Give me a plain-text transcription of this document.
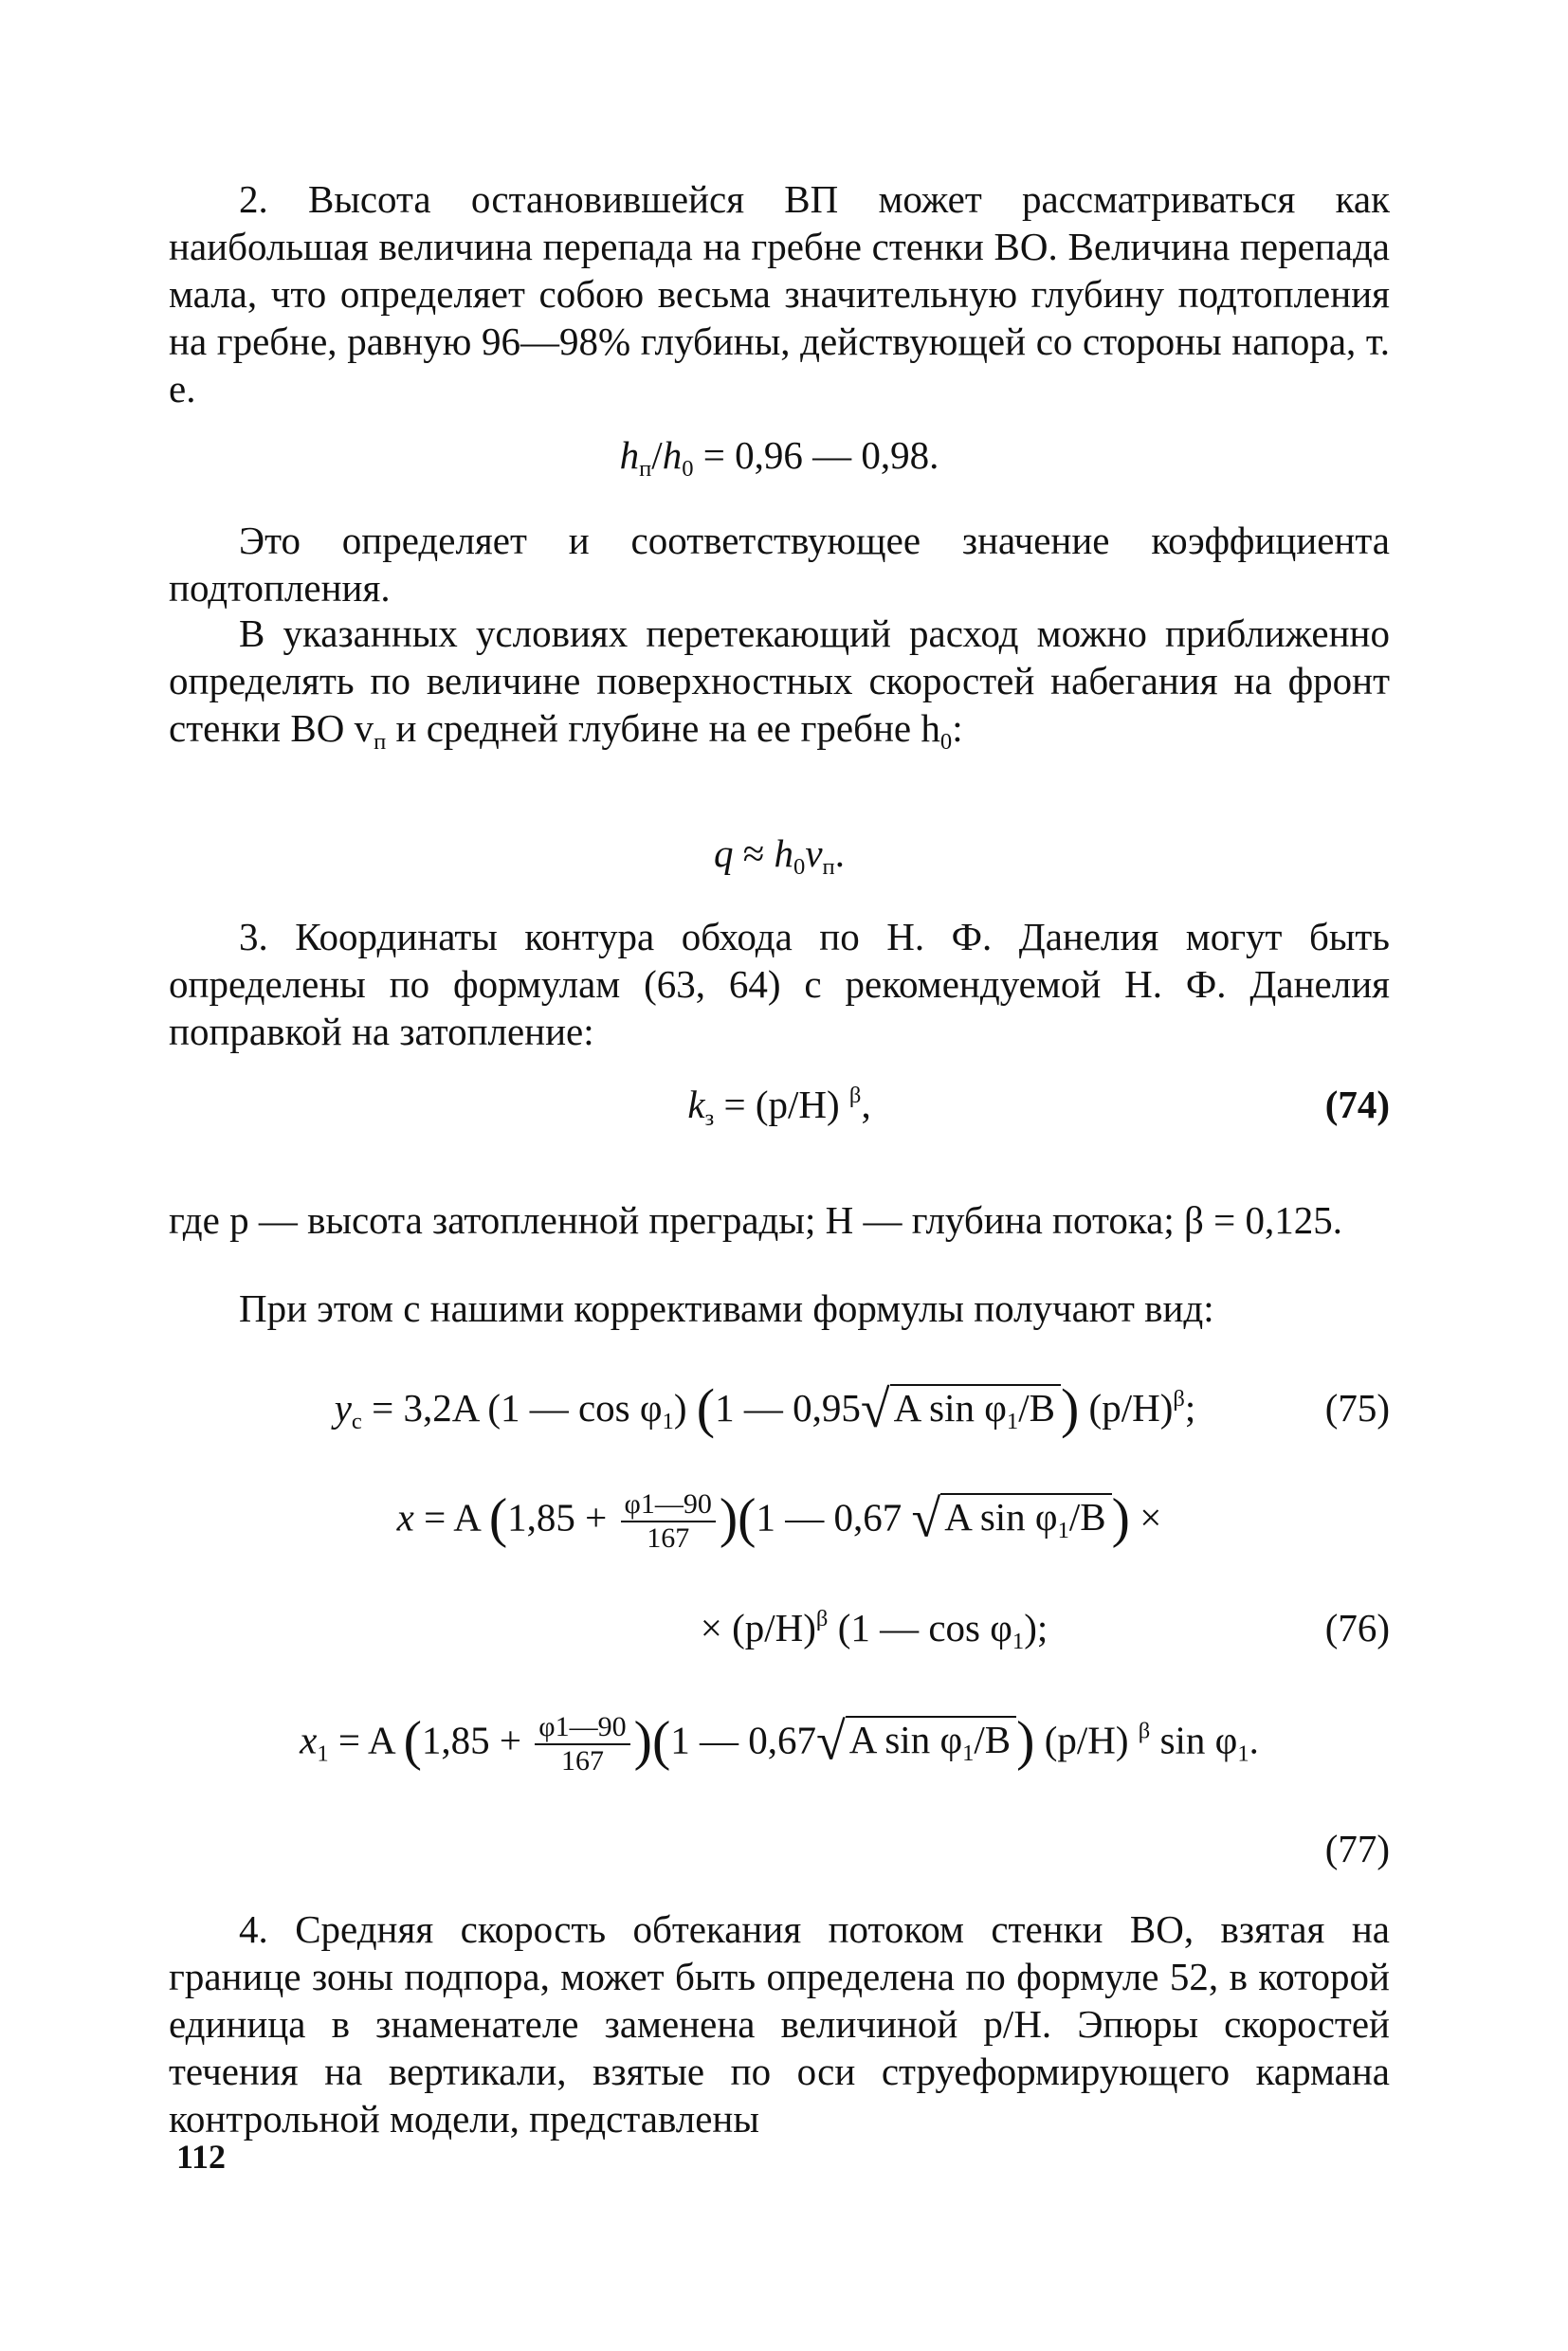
2. Высота остановившейся ВП может рассматриваться как наибольшая величина перепада на гребне стенки ВО. Величина перепада мала, что определяет собою весьма значительную глубину подтопления на гребне, равную 96—98% глубины, действующей со стороны напора, т. е.

$h_п/h_0 = 0,96$ — 0,98.

Это определяет и соответствующее значение коэффициента подтопления.

В указанных условиях перетекающий расход можно приближенно определять по величине поверхностных скоростей набегания на фронт стенки ВО $v_п$ и средней глубине на ее гребне $h_0$:

$q \approx h_0v_п$.

3. Координаты контура обхода по Н. Ф. Данелия могут быть определены по формулам (63, 64) с рекомендуемой Н. Ф. Данелия поправкой на затопление:

$k_з = (p/H)$ $^\beta$,	(74)

где p — высота затопленной преграды; H — глубина потока; β = 0,125.

При этом с нашими коррективами формулы получают вид:

$y_c = 3,2A$ (1 — $\cos \varphi_1$) (1 — 0,95√A $\sin \varphi_1/B$ ) $(p/H)^\beta$;	(75)
x = A $(1,85 + \frac{\varphi 1—90}{167} )(1$ — 0,67 √A $\sin \varphi_1/B$ ) ×
× $(p/H)^\beta$ (1 — $\cos \varphi_1$);	(76)
$x_1 = A$ $(1,85 + \frac{\varphi 1—90}{167} )(1$ — 0,67√A $\sin \varphi_1/B$ ) (p/H) $^\beta$ $\sin \varphi_1$.
(77)

4. Средняя скорость обтекания потоком стенки ВО, взятая на границе зоны подпора, может быть определена по формуле 52, в которой единица в знаменателе заменена величиной p/H. Эпюры скоростей течения на вертикали, взятые по оси струеформирующего кармана контрольной модели, представлены

112
